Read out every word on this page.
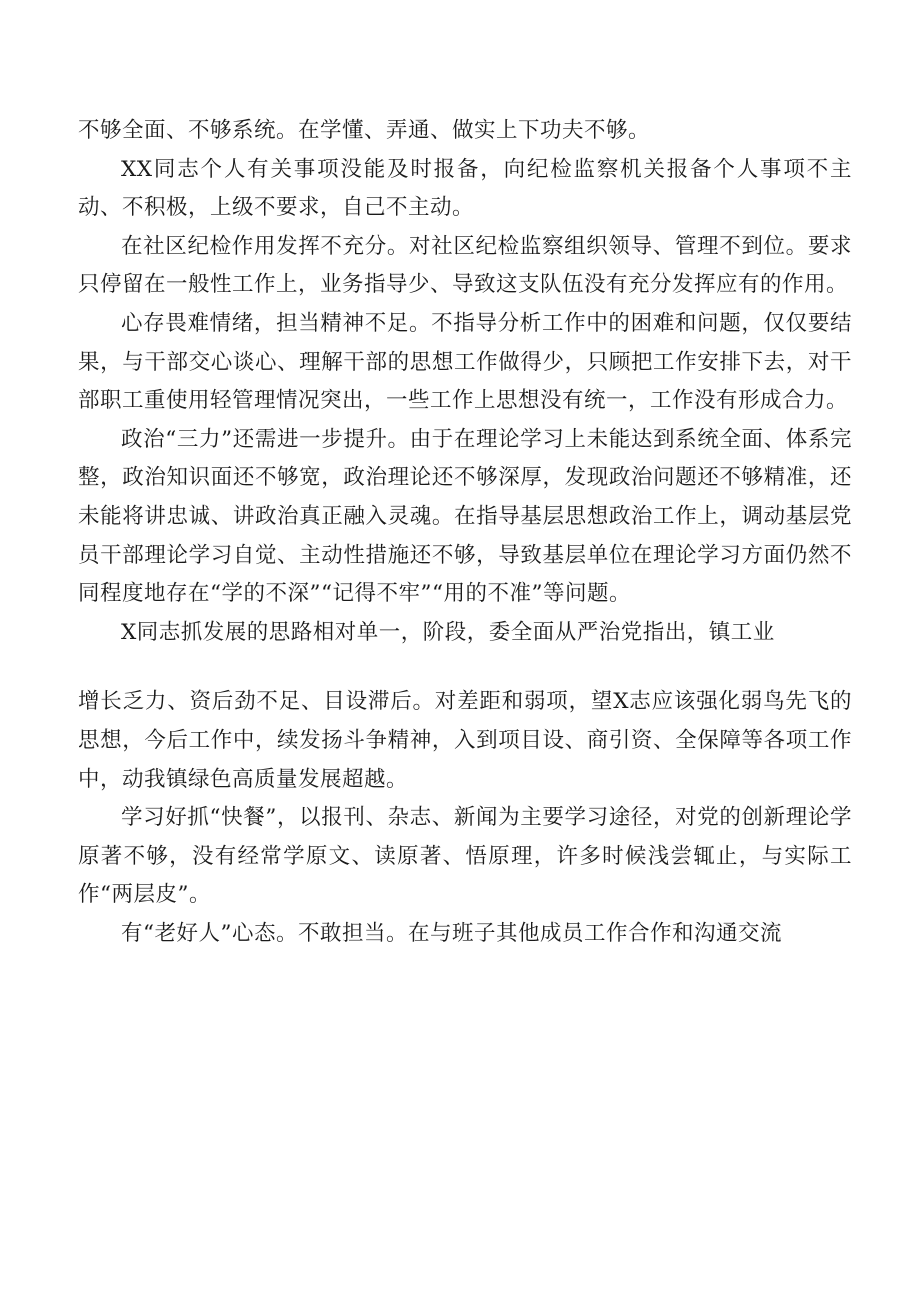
不够全面、不够系统。在学懂、弄通、做实上下功夫不够。

XX同志个人有关事项没能及时报备，向纪检监察机关报备个人事项不主动、不积极，上级不要求，自己不主动。

在社区纪检作用发挥不充分。对社区纪检监察组织领导、管理不到位。要求只停留在一般性工作上，业务指导少、导致这支队伍没有充分发挥应有的作用。

心存畏难情绪，担当精神不足。不指导分析工作中的困难和问题，仅仅要结果，与干部交心谈心、理解干部的思想工作做得少，只顾把工作安排下去，对干部职工重使用轻管理情况突出，一些工作上思想没有统一，工作没有形成合力。

政治“三力”还需进一步提升。由于在理论学习上未能达到系统全面、体系完整，政治知识面还不够宽，政治理论还不够深厚，发现政治问题还不够精准，还未能将讲忠诚、讲政治真正融入灵魂。在指导基层思想政治工作上，调动基层党员干部理论学习自觉、主动性措施还不够，导致基层单位在理论学习方面仍然不同程度地存在“学的不深”“记得不牢”“用的不准”等问题。

X同志抓发展的思路相对单一，阶段，委全面从严治党指出，镇工业

增长乏力、资后劲不足、目设滞后。对差距和弱项，望X志应该强化弱鸟先飞的思想，今后工作中，续发扬斗争精神，入到项目设、商引资、全保障等各项工作中，动我镇绿色高质量发展超越。

学习好抓“快餐”，以报刊、杂志、新闻为主要学习途径，对党的创新理论学原著不够，没有经常学原文、读原著、悟原理，许多时候浅尝辄止，与实际工作“两层皮”。

有“老好人”心态。不敢担当。在与班子其他成员工作合作和沟通交流
